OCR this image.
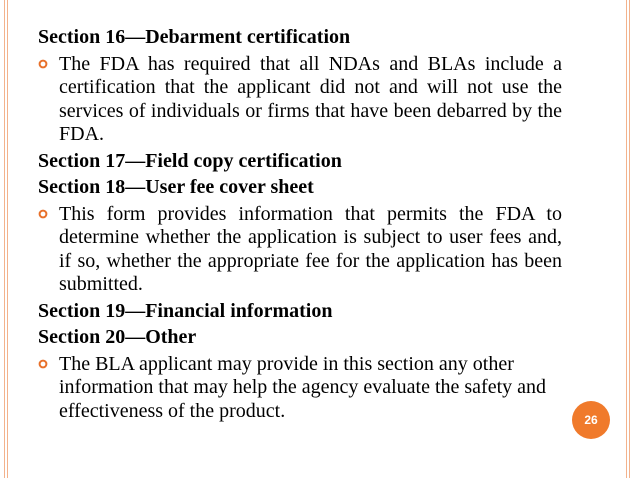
Section 16—Debarment certification
The FDA has required that all NDAs and BLAs include a certification that the applicant did not and will not use the services of individuals or firms that have been debarred by the FDA.
Section 17—Field copy certification
Section 18—User fee cover sheet
This form provides information that permits the FDA to determine whether the application is subject to user fees and, if so, whether the appropriate fee for the application has been submitted.
Section 19—Financial information
Section 20—Other
The BLA applicant may provide in this section any other information that may help the agency evaluate the safety and effectiveness of the product.	26
